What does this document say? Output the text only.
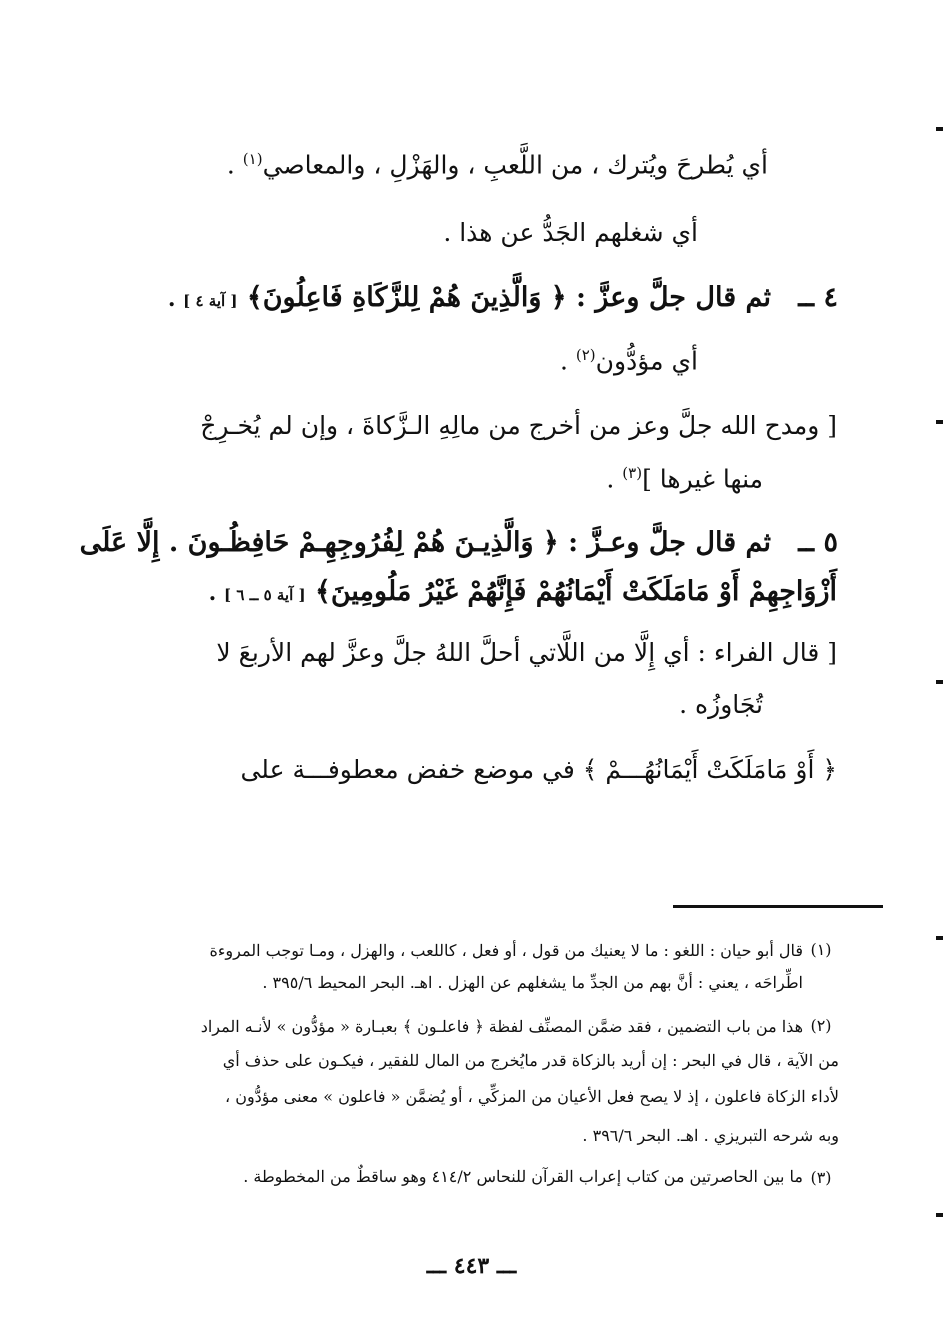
أي يُطرحَ ويُترك ، من اللَّعبِ ، والهَزْلِ ، والمعاصي$^{(١)}$ .
أي شغلهم الجَدُّ عن هذا .
٤ ــ
ثم قال جلَّ وعزَّ : ﴿ وَالَّذِينَ هُمْ لِلزَّكَاةِ فَاعِلُونَ﴾ [ آية ٤ ] .
أي مؤدُّون$^{(٢)}$ .
[ ومدح الله جلَّ وعز من أخرج من مالِهِ الـزَّكاةَ ، وإن لم يُخـرِجْ
منها غيرها ]$^{(٣)}$ .
٥ ــ
ثم قال جلَّ وعـزَّ : ﴿ وَالَّذِيـنَ هُمْ لِفُرُوجِهِـمْ حَافِظُـونَ . إِلَّا عَلَى
أَزْوَاجِهِمْ أَوْ مَامَلَكَتْ أَيْمَانُهُمْ فَإِنَّهُمْ غَيْرُ مَلُومِينَ﴾ [ آية ٥ ــ ٦ ] .
[ قال الفراء : أي إِلَّا من اللَّاتي أحلَّ اللهُ جلَّ وعزَّ لهم الأربعَ لا
تُجَاوزُه .
﴿ أَوْ مَامَلَكَتْ أَيْمَانُهُـــمْ ﴾ في موضع خفض معطوفـــة على
(١)
قال أبو حيان : اللغو : ما لا يعنيك من قول ، أو فعل ، كاللعب ، والهزل ، ومـا توجب المروءة
اطِّراحَه ، يعني : أنَّ بهم من الجدِّ ما يشغلهم عن الهزل . اهـ. البحر المحيط ٣٩٥/٦ .
(٢)
هذا من باب التضمين ، فقد ضمَّن المصنِّف لفظة ﴿ فاعلـون ﴾ بعبـارة « مؤدُّون » لأنـه المراد
من الآية ، قال في البحر : إن أريد بالزكاة قدر مايُخرج من المال للفقير ، فيكـون على حذف أي
لأداء الزكاة فاعلون ، إذ لا يصح فعل الأعيان من المزكِّي ، أو يُضمَّن « فاعلون » معنى مؤدُّون ،
وبه شرحه التبريزي . اهـ. البحر ٣٩٦/٦ .
(٣)
ما بين الحاصرتين من كتاب إعراب القرآن للنحاس ٤١٤/٢ وهو ساقطٌ من المخطوطة .
ـــ ٤٤٣ ـــ
